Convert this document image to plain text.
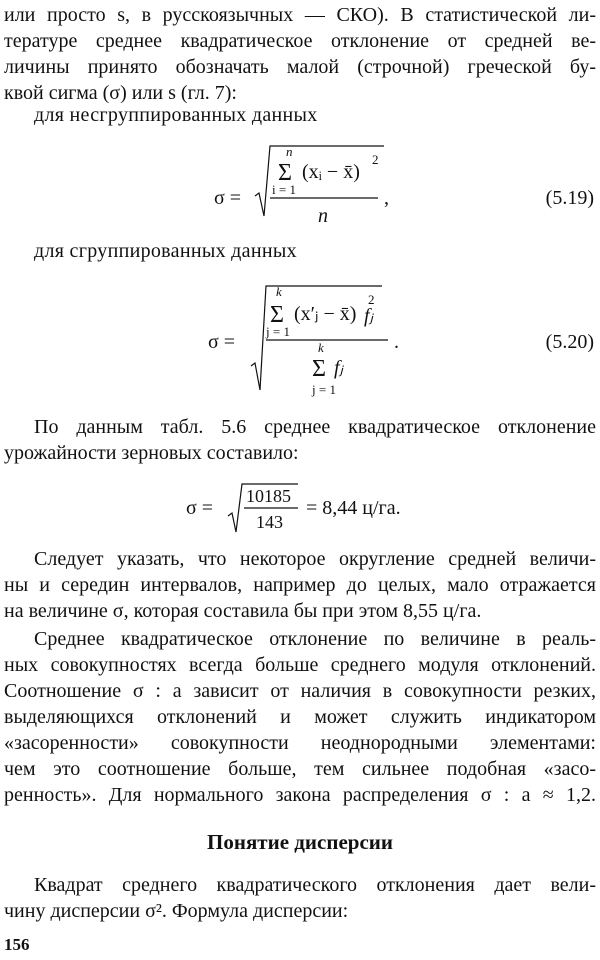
или просто s, в русскоязычных — СКО). В статистической ли-
тературе среднее квадратическое отклонение от средней ве-
личины принято обозначать малой (строчной) греческой бу-
квой сигма (σ) или s (гл. 7):
для несгруппированных данных
σ =
n
Σ (xᵢ − x̄)
2
i = 1
n
,	(5.19)
для сгруппированных данных
σ =
k
Σ (x′ⱼ − x̄)
2
fⱼ
j = 1
k
Σ fⱼ
j = 1
.	(5.20)
По данным табл. 5.6 среднее квадратическое отклонение
урожайности зерновых составило:
σ =
10185
143
= 8,44 ц/га.
Следует указать, что некоторое округление средней величи-
ны и середин интервалов, например до целых, мало отражается
на величине σ, которая составила бы при этом 8,55 ц/га.
Среднее квадратическое отклонение по величине в реаль-
ных совокупностях всегда больше среднего модуля отклонений.
Соотношение σ : a зависит от наличия в совокупности резких,
выделяющихся отклонений и может служить индикатором
«засоренности» совокупности неоднородными элементами:
чем это соотношение больше, тем сильнее подобная «засо-
ренность». Для нормального закона распределения σ : a ≈ 1,2.
Понятие дисперсии
Квадрат среднего квадратического отклонения дает вели-
чину дисперсии σ². Формула дисперсии:
156
